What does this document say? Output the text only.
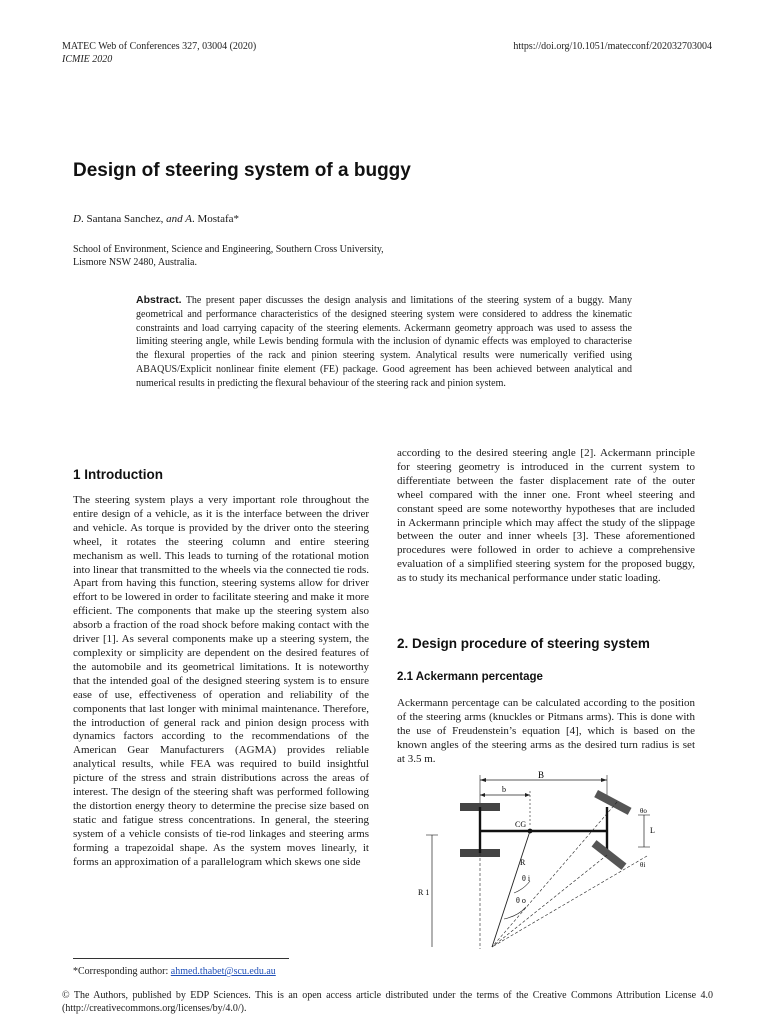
MATEC Web of Conferences 327, 03004 (2020)
ICMIE 2020
https://doi.org/10.1051/matecconf/202032703004
Design of steering system of a buggy
D. Santana Sanchez, and A. Mostafa*
School of Environment, Science and Engineering, Southern Cross University,
Lismore NSW 2480, Australia.

Abstract. The present paper discusses the design analysis and limitations of the steering system of a buggy. Many geometrical and performance characteristics of the designed steering system were considered to address the kinematic constraints and load carrying capacity of the steering elements. Ackermann geometry approach was used to assess the limiting steering angle, while Lewis bending formula with the inclusion of dynamic effects was employed to characterise the flexural properties of the rack and pinion steering system. Analytical results were numerically verified using ABAQUS/Explicit nonlinear finite element (FE) package. Good agreement has been achieved between analytical and numerical results in predicting the flexural behaviour of the steering rack and pinion system.

1 Introduction

The steering system plays a very important role throughout the entire design of a vehicle, as it is the interface between the driver and vehicle. As torque is provided by the driver onto the steering wheel, it rotates the steering column and entire steering mechanism as well. This leads to turning of the rotational motion into linear that transmitted to the wheels via the connected tie rods. Apart from having this function, steering systems allow for driver effort to be lowered in order to facilitate steering and make it more efficient. The components that make up the steering system also absorb a fraction of the road shock before making contact with the driver [1]. As several components make up a steering system, the complexity or simplicity are dependent on the desired features of the automobile and its geometrical limitations. It is noteworthy that the intended goal of the designed steering system is to ensure ease of use, effectiveness of operation and reliability of the components that last longer with minimal maintenance. Therefore, the introduction of general rack and pinion design process with dynamics factors according to the recommendations of the American Gear Manufacturers (AGMA) provides reliable analytical results, while FEA was required to build insightful picture of the stress and strain distributions across the areas of interest. The design of the steering shaft was performed following the distortion energy theory to determine the precise size based on static and fatigue stress concentrations. In general, the steering system of a vehicle consists of tie-rod linkages and steering arms forming a trapezoidal shape. As the system moves linearly, it forms an approximation of a parallelogram which skews one side

according to the desired steering angle [2]. Ackermann principle for steering geometry is introduced in the current system to differentiate between the faster displacement rate of the outer wheel compared with the inner one. Front wheel steering and constant speed are some noteworthy hypotheses that are included in Ackermann principle which may affect the study of the slippage between the outer and inner wheels [3]. These aforementioned procedures were followed in order to achieve a comprehensive evaluation of a simplified steering system for the proposed buggy, as to study its mechanical performance under static loading.

2. Design procedure of steering system
2.1 Ackermann percentage

Ackermann percentage can be calculated according to the position of the steering arms (knuckles or Pitmans arms). This is done with the use of Freudenstein’s equation [4], which is based on the known angles of the steering arms as the desired turn radius is set at 3.5 m.

B
b
CG
θo
θi
L
R
θ i
θ o
R 1
*Corresponding author: ahmed.thabet@scu.edu.au
© The Authors, published by EDP Sciences. This is an open access article distributed under the terms of the Creative Commons Attribution License 4.0 (http://creativecommons.org/licenses/by/4.0/).
